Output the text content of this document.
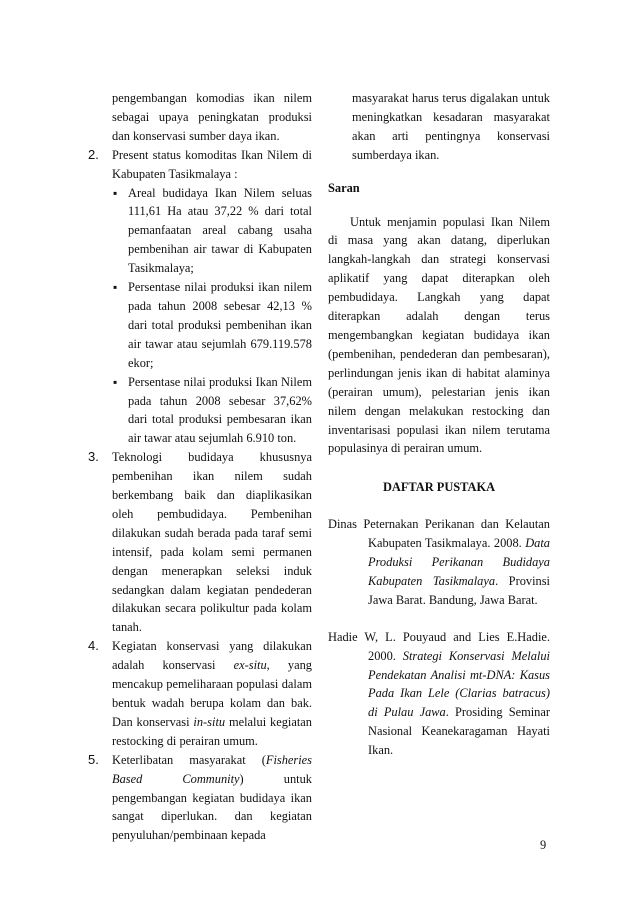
pengembangan komodias ikan nilem sebagai upaya peningkatan produksi dan konservasi sumber daya ikan.

2. Present status komoditas Ikan Nilem di Kabupaten Tasikmalaya :
▪ Areal budidaya Ikan Nilem seluas 111,61 Ha atau 37,22 % dari total pemanfaatan areal cabang usaha pembenihan air tawar di Kabupaten Tasikmalaya;
▪ Persentase nilai produksi ikan nilem pada tahun 2008 sebesar 42,13 % dari total produksi pembenihan ikan air tawar atau sejumlah 679.119.578 ekor;
▪ Persentase nilai produksi Ikan Nilem pada tahun 2008 sebesar 37,62% dari total produksi pembesaran ikan air tawar atau sejumlah 6.910 ton.
3. Teknologi budidaya khususnya pembenihan ikan nilem sudah berkembang baik dan diaplikasikan oleh pembudidaya. Pembenihan dilakukan sudah berada pada taraf semi intensif, pada kolam semi permanen dengan menerapkan seleksi induk sedangkan dalam kegiatan pendederan dilakukan secara polikultur pada kolam tanah.
4. Kegiatan konservasi yang dilakukan adalah konservasi ex-situ, yang mencakup pemeliharaan populasi dalam bentuk wadah berupa kolam dan bak. Dan konservasi in-situ melalui kegiatan restocking di perairan umum.
5. Keterlibatan masyarakat (Fisheries Based Community) untuk pengembangan kegiatan budidaya ikan sangat diperlukan. dan kegiatan penyuluhan/pembinaan kepada

masyarakat harus terus digalakan untuk meningkatkan kesadaran masyarakat akan arti pentingnya konservasi sumberdaya ikan.

Saran

Untuk menjamin populasi Ikan Nilem di masa yang akan datang, diperlukan langkah-langkah dan strategi konservasi aplikatif yang dapat diterapkan oleh pembudidaya. Langkah yang dapat diterapkan adalah dengan terus mengembangkan kegiatan budidaya ikan (pembenihan, pendederan dan pembesaran), perlindungan jenis ikan di habitat alaminya (perairan umum), pelestarian jenis ikan nilem dengan melakukan restocking dan inventarisasi populasi ikan nilem terutama populasinya di perairan umum.

DAFTAR PUSTAKA

Dinas Peternakan Perikanan dan Kelautan Kabupaten Tasikmalaya. 2008. Data Produksi Perikanan Budidaya Kabupaten Tasikmalaya. Provinsi Jawa Barat. Bandung, Jawa Barat.

Hadie W, L. Pouyaud and Lies E.Hadie. 2000. Strategi Konservasi Melalui Pendekatan Analisi mt-DNA: Kasus Pada Ikan Lele (Clarias batracus) di Pulau Jawa. Prosiding Seminar Nasional Keanekaragaman Hayati Ikan.

9
